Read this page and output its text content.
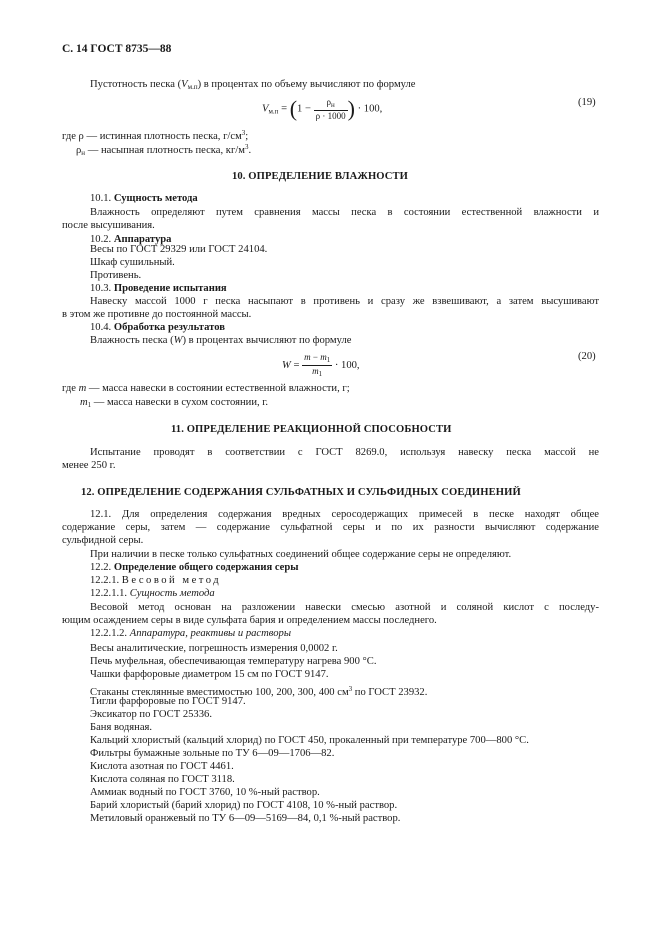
С. 14 ГОСТ 8735—88
Пустотность песка $(V_{м.п})$ в процентах по объему вычисляют по формуле
$V_{м.п} = (1 - \frac{\rho_н}{\rho \cdot 1000}$ ) · 100,
(19)
где ρ — истинная плотность песка, $г/см^3$;
$\rho_н$ — насыпная плотность песка, $кг/м^3$.
10. ОПРЕДЕЛЕНИЕ ВЛАЖНОСТИ
10.1. Сущность метода
Влажность определяют путем сравнения массы песка в состоянии естественной влажности и
после высушивания.
10.2. Аппаратура
Весы по ГОСТ 29329 или ГОСТ 24104.
Шкаф сушильный.
Противень.
10.3. Проведение испытания
Навеску массой 1000 г песка насыпают в противень и сразу же взвешивают, а затем высушивают
в этом же противне до постоянной массы.
10.4. Обработка результатов
Влажность песка (W) в процентах вычисляют по формуле
$W = \frac{m - m_1}{m_1} \cdot 100$,
(20)
где m — масса навески в состоянии естественной влажности, г;
$m_1$ — масса навески в сухом состоянии, г.
11. ОПРЕДЕЛЕНИЕ РЕАКЦИОННОЙ СПОСОБНОСТИ
Испытание проводят в соответствии с ГОСТ 8269.0, используя навеску песка массой не
менее 250 г.
12. ОПРЕДЕЛЕНИЕ СОДЕРЖАНИЯ СУЛЬФАТНЫХ И СУЛЬФИДНЫХ СОЕДИНЕНИЙ
12.1. Для определения содержания вредных серосодержащих примесей в песке находят общее
содержание серы, затем — содержание сульфатной серы и по их разности вычисляют содержание
сульфидной серы.
При наличии в песке только сульфатных соединений общее содержание серы не определяют.
12.2. Определение общего содержания серы
12.2.1. Весовой метод
12.2.1.1. Сущность метода
Весовой метод основан на разложении навески смесью азотной и соляной кислот с последу-
ющим осаждением серы в виде сульфата бария и определением массы последнего.
12.2.1.2. Аппаратура, реактивы и растворы
Весы аналитические, погрешность измерения 0,0002 г.
Печь муфельная, обеспечивающая температуру нагрева 900 °С.
Чашки фарфоровые диаметром 15 см по ГОСТ 9147.
Стаканы стеклянные вместимостью 100, 200, 300, 400 $см^3$ по ГОСТ 23932.
Тигли фарфоровые по ГОСТ 9147.
Эксикатор по ГОСТ 25336.
Баня водяная.
Кальций хлористый (кальций хлорид) по ГОСТ 450, прокаленный при температуре 700—800 °С.
Фильтры бумажные зольные по ТУ 6—09—1706—82.
Кислота азотная по ГОСТ 4461.
Кислота соляная по ГОСТ 3118.
Аммиак водный по ГОСТ 3760, 10 %-ный раствор.
Барий хлористый (барий хлорид) по ГОСТ 4108, 10 %-ный раствор.
Метиловый оранжевый по ТУ 6—09—5169—84, 0,1 %-ный раствор.
